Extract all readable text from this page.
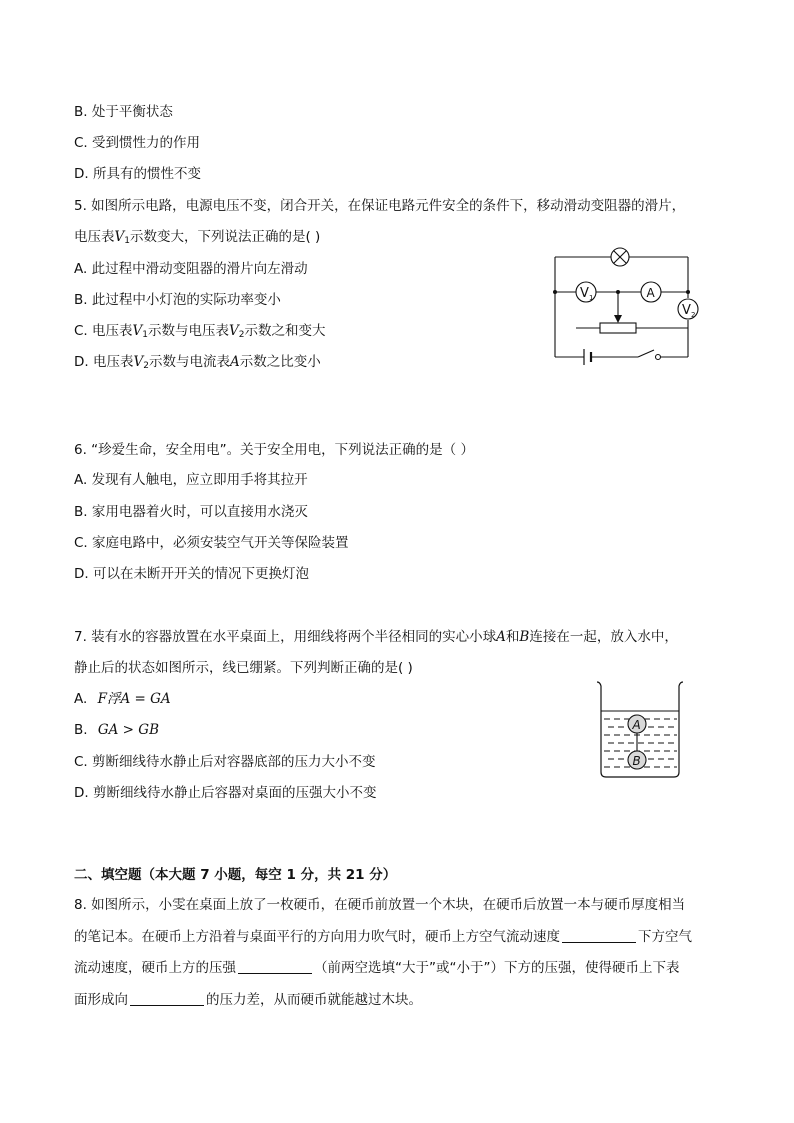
B. 处于平衡状态
C. 受到惯性力的作用
D. 所具有的惯性不变
5. 如图所示电路，电源电压不变，闭合开关，在保证电路元件安全的条件下，移动滑动变阻器的滑片，
电压表$V_1$示数变大，下列说法正确的是( )
A. 此过程中滑动变阻器的滑片向左滑动
B. 此过程中小灯泡的实际功率变小
C. 电压表$V_1$示数与电压表$V_2$示数之和变大
D. 电压表$V_2$示数与电流表A示数之比变小
V 1	A
V 2
6. “珍爱生命，安全用电”。关于安全用电，下列说法正确的是（ ）
A. 发现有人触电，应立即用手将其拉开
B. 家用电器着火时，可以直接用水浇灭
C. 家庭电路中，必须安装空气开关等保险装置
D. 可以在未断开开关的情况下更换灯泡
7. 装有水的容器放置在水平桌面上，用细线将两个半径相同的实心小球A和B连接在一起，放入水中，
静止后的状态如图所示，线已绷紧。下列判断正确的是( )
A. F浮A = GA
B. GA > GB
C. 剪断细线待水静止后对容器底部的压力大小不变
D. 剪断细线待水静止后容器对桌面的压强大小不变
A
B
二、填空题（本大题 7 小题，每空 1 分，共 21 分）
8. 如图所示，小雯在桌面上放了一枚硬币，在硬币前放置一个木块，在硬币后放置一本与硬币厚度相当
的笔记本。在硬币上方沿着与桌面平行的方向用力吹气时，硬币上方空气流动速度	下方空气
流动速度，硬币上方的压强	（前两空选填“大于”或“小于”）下方的压强，使得硬币上下表
面形成向	的压力差，从而硬币就能越过木块。
